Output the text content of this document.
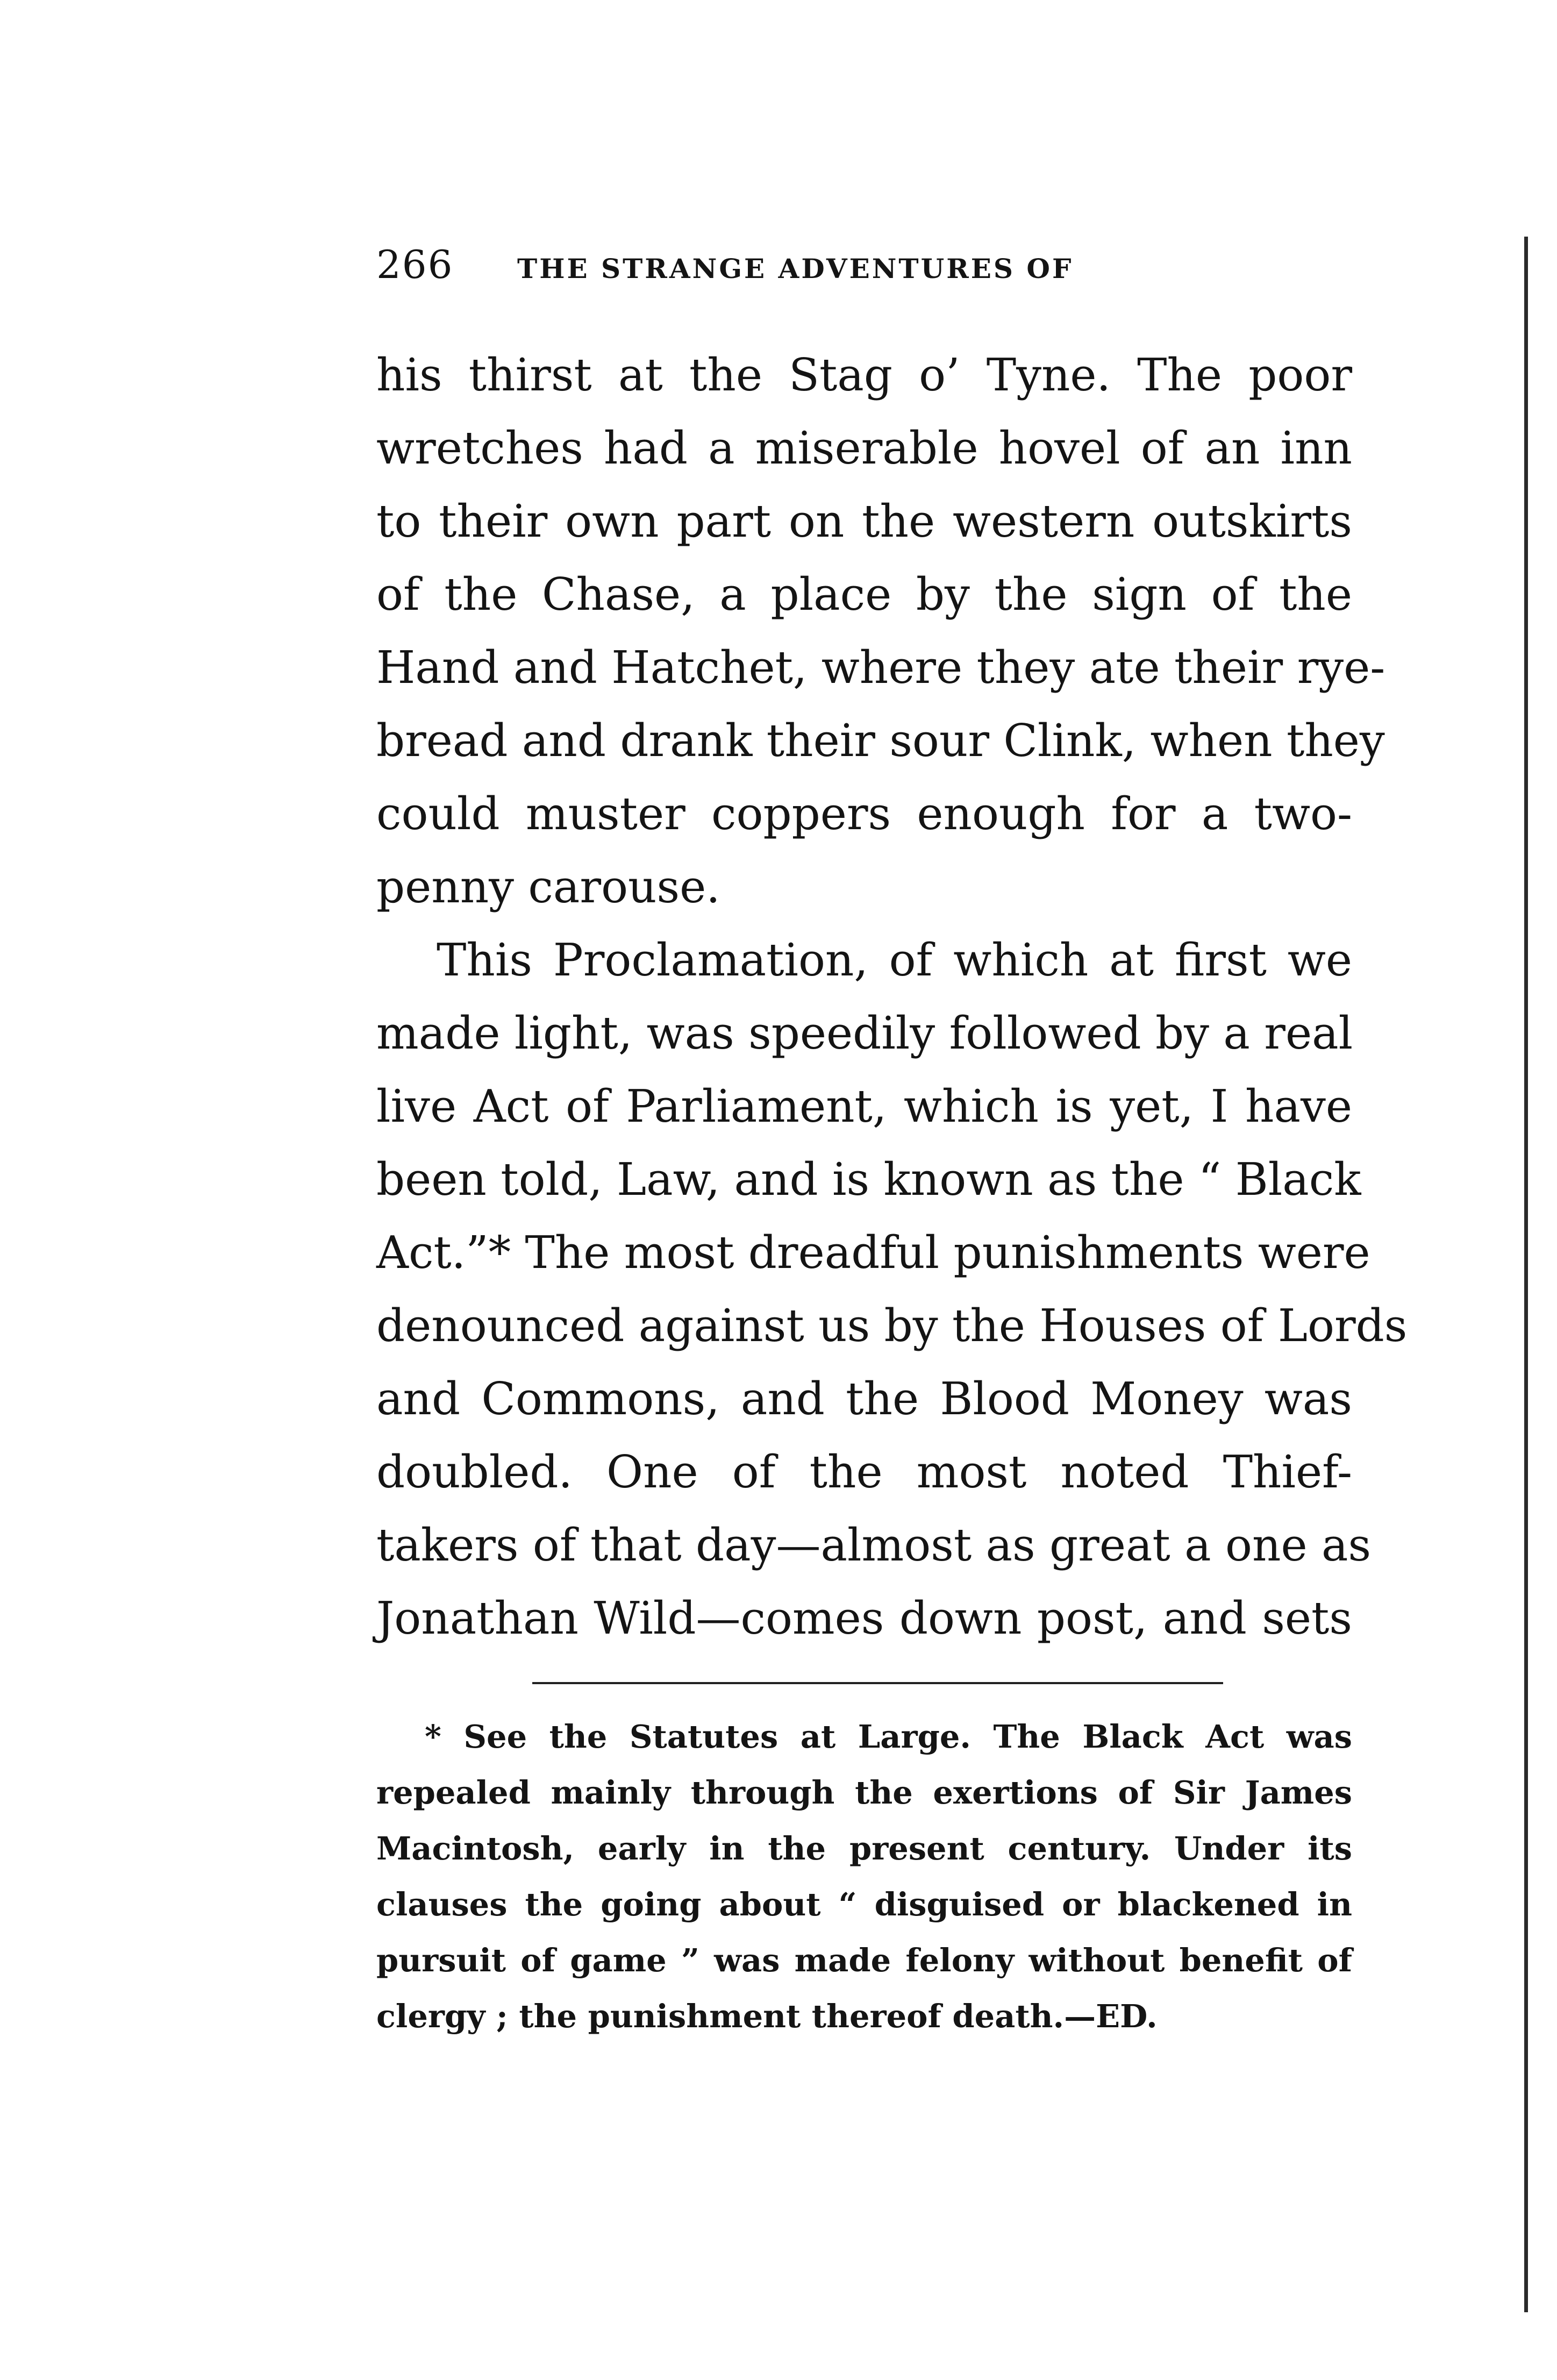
266 THE STRANGE ADVENTURES OF
his thirst at the Stag o’ Tyne. The poor
wretches had a miserable hovel of an inn
to their own part on the western outskirts
of the Chase, a place by the sign of the
Hand and Hatchet, where they ate their rye-
bread and drank their sour Clink, when they
could muster coppers enough for a two-
penny carouse.
This Proclamation, of which at first we
made light, was speedily followed by a real
live Act of Parliament, which is yet, I have
been told, Law, and is known as the “ Black
Act.”* The most dreadful punishments were
denounced against us by the Houses of Lords
and Commons, and the Blood Money was
doubled. One of the most noted Thief-
takers of that day—almost as great a one as
Jonathan Wild—comes down post, and sets
* See the Statutes at Large. The Black Act was
repealed mainly through the exertions of Sir James
Macintosh, early in the present century. Under its
clauses the going about “ disguised or blackened in
pursuit of game ” was made felony without benefit of
clergy ; the punishment thereof death.—ED.
